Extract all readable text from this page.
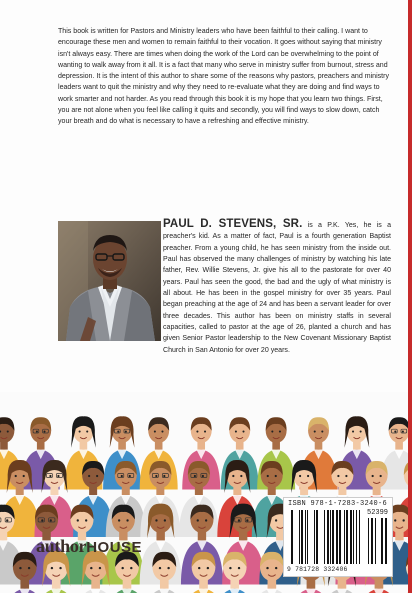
This book is written for Pastors and Ministry leaders who have been faithful to their calling. I want to encourage these men and women to remain faithful to their vocation. It goes without saying that ministry isn't always easy. There are times when doing the work of the Lord can be overwhelming to the point of wanting to walk away from it all. It is a fact that many who serve in ministry suffer from burnout, stress and depression. It is the intent of this author to share some of the reasons why pastors, preachers and ministry leaders want to quit the ministry and why they need to re-evaluate what they are doing and find ways to work smarter and not harder. As you read through this book it is my hope that you learn two things. First, you are not alone when you feel like calling it quits and secondly, you will find ways to slow down, catch your breath and do what is necessary to have a refreshing and effective ministry.

PAUL D. STEVENS, SR. is a P.K. Yes, he is a preacher's kid. As a matter of fact, Paul is a fourth generation Baptist preacher. From a young child, he has seen ministry from the inside out. Paul has observed the many challenges of ministry by watching his late father, Rev. Willie Stevens, Jr. give his all to the pastorate for over 40 years. Paul has seen the good, the bad and the ugly of what ministry is all about. He has been in the gospel ministry for over 35 years. Paul began preaching at the age of 24 and has been a servant leader for over three decades. This author has been on ministry staffs in several capacities, called to pastor at the age of 26, planted a church and has given Senior Pastor leadership to the New Covenant Missionary Baptist Church in San Antonio for over 20 years.

authorHOUSE
ISBN 978-1-7283-3240-6
52399
9 781728 332406
